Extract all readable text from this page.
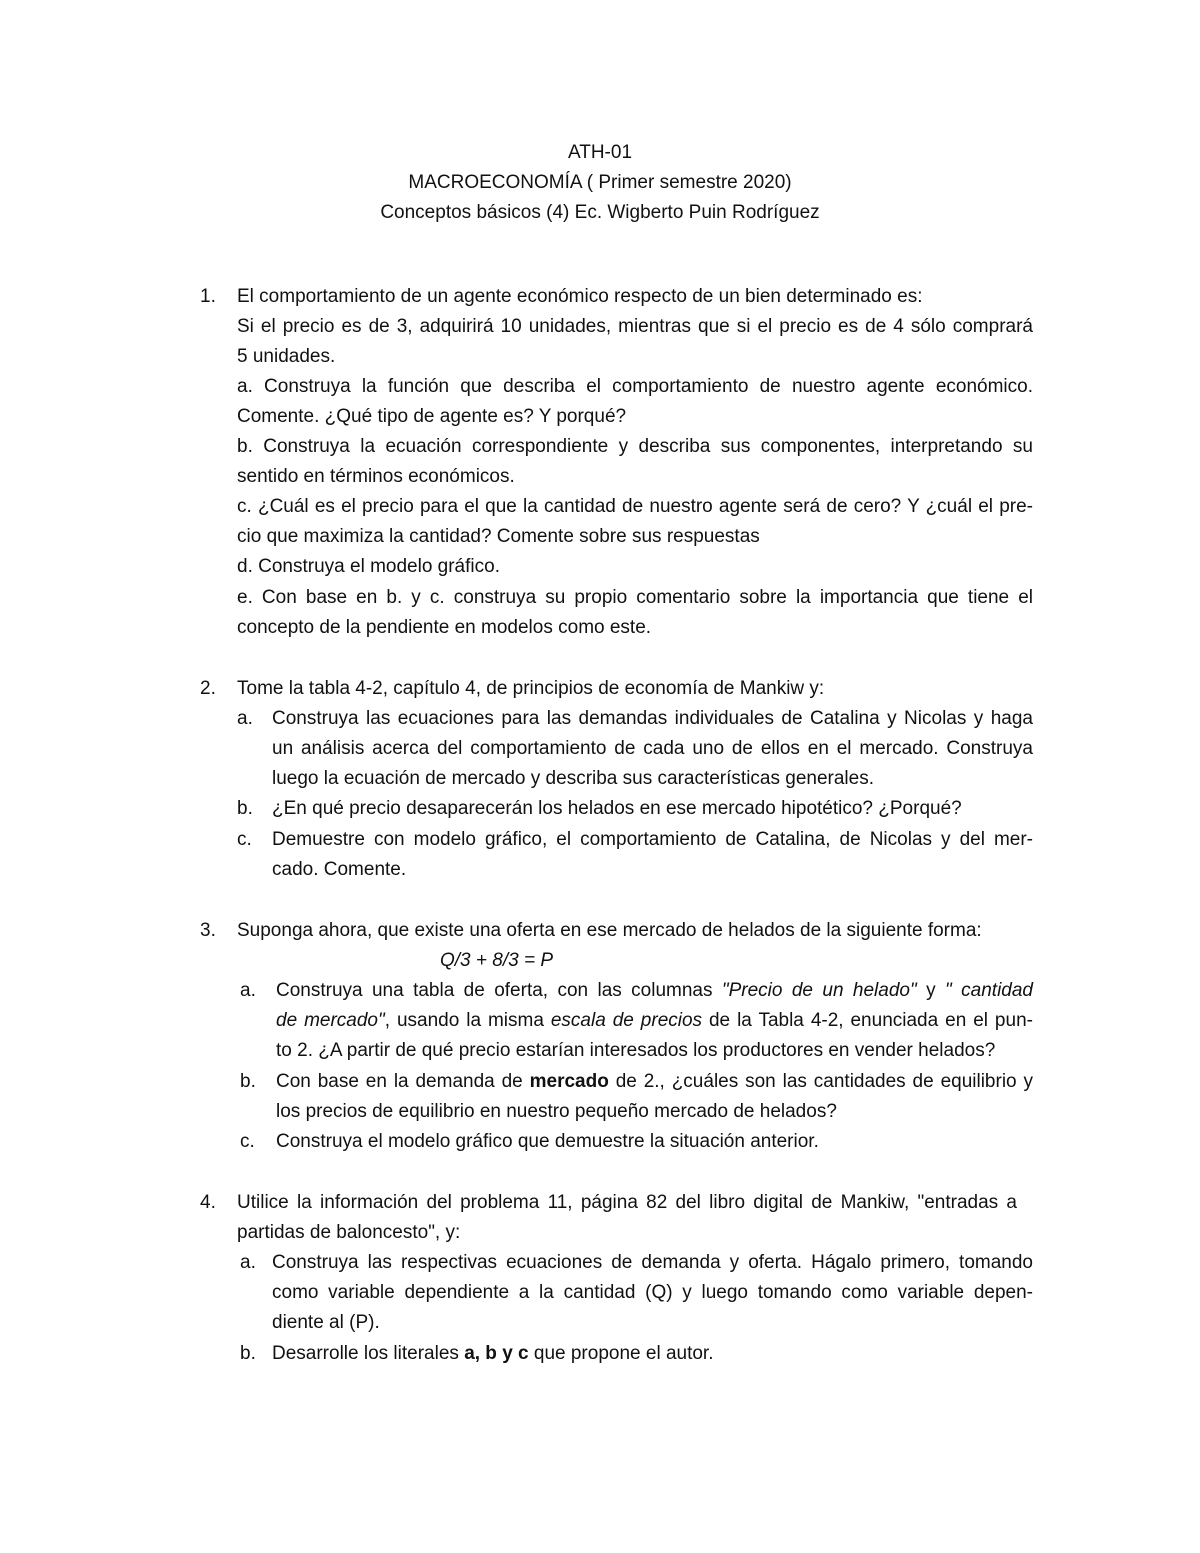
ATH-01
MACROECONOMÍA ( Primer semestre 2020)
Conceptos básicos (4) Ec. Wigberto Puin Rodríguez
1. El comportamiento de un agente económico respecto de un bien determinado es:
Si el precio es de 3, adquirirá 10 unidades, mientras que si el precio es de 4 sólo comprará
5 unidades.
a. Construya la función que describa el comportamiento de nuestro agente económico.
Comente. ¿Qué tipo de agente es? Y porqué?
b. Construya la ecuación correspondiente y describa sus componentes, interpretando su
sentido en términos económicos.
c. ¿Cuál es el precio para el que la cantidad de nuestro agente será de cero? Y ¿cuál el pre-
cio que maximiza la cantidad? Comente sobre sus respuestas
d. Construya el modelo gráfico.
e. Con base en b. y c. construya su propio comentario sobre la importancia que tiene el
concepto de la pendiente en modelos como este.
2. Tome la tabla 4-2, capítulo 4, de principios de economía de Mankiw y:
a. Construya las ecuaciones para las demandas individuales de Catalina y Nicolas y haga
un análisis acerca del comportamiento de cada uno de ellos en el mercado. Construya
luego la ecuación de mercado y describa sus características generales.
b. ¿En qué precio desaparecerán los helados en ese mercado hipotético? ¿Porqué?
c. Demuestre con modelo gráfico, el comportamiento de Catalina, de Nicolas y del mer-
cado. Comente.
3. Suponga ahora, que existe una oferta en ese mercado de helados de la siguiente forma:
Q/3 + 8/3 = P
a. Construya una tabla de oferta, con las columnas "Precio de un helado" y " cantidad
de mercado", usando la misma escala de precios de la Tabla 4-2, enunciada en el pun-
to 2. ¿A partir de qué precio estarían interesados los productores en vender helados?
b. Con base en la demanda de mercado de 2., ¿cuáles son las cantidades de equilibrio y
los precios de equilibrio en nuestro pequeño mercado de helados?
c. Construya el modelo gráfico que demuestre la situación anterior.
4. Utilice la información del problema 11, página 82 del libro digital de Mankiw, "entradas a
partidas de baloncesto", y:
a. Construya las respectivas ecuaciones de demanda y oferta. Hágalo primero, tomando
como variable dependiente a la cantidad (Q) y luego tomando como variable depen-
diente al (P).
b. Desarrolle los literales a, b y c que propone el autor.
